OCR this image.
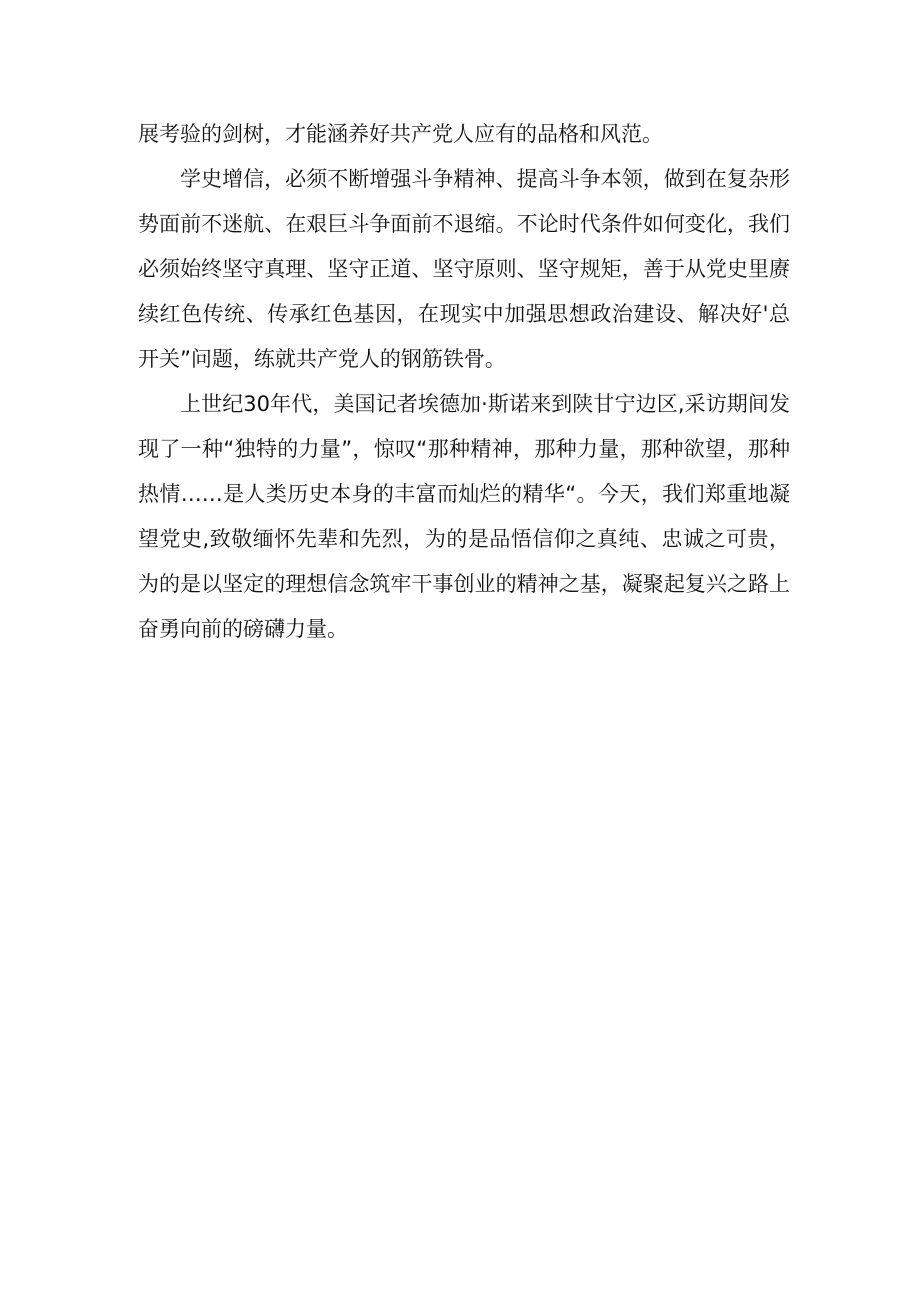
展考验的剑树，才能涵养好共产党人应有的品格和风范。

学史增信，必须不断增强斗争精神、提高斗争本领，做到在复杂形势面前不迷航、在艰巨斗争面前不退缩。不论时代条件如何变化，我们必须始终坚守真理、坚守正道、坚守原则、坚守规矩，善于从党史里赓续红色传统、传承红色基因，在现实中加强思想政治建设、解决好'总开关”问题，练就共产党人的钢筋铁骨。

上世纪30年代，美国记者埃德加·斯诺来到陕甘宁边区,采访期间发现了一种“独特的力量”，惊叹“那种精神，那种力量，那种欲望，那种热情……是人类历史本身的丰富而灿烂的精华“。今天，我们郑重地凝望党史,致敬缅怀先辈和先烈，为的是品悟信仰之真纯、忠诚之可贵，为的是以坚定的理想信念筑牢干事创业的精神之基，凝聚起复兴之路上奋勇向前的磅礴力量。
